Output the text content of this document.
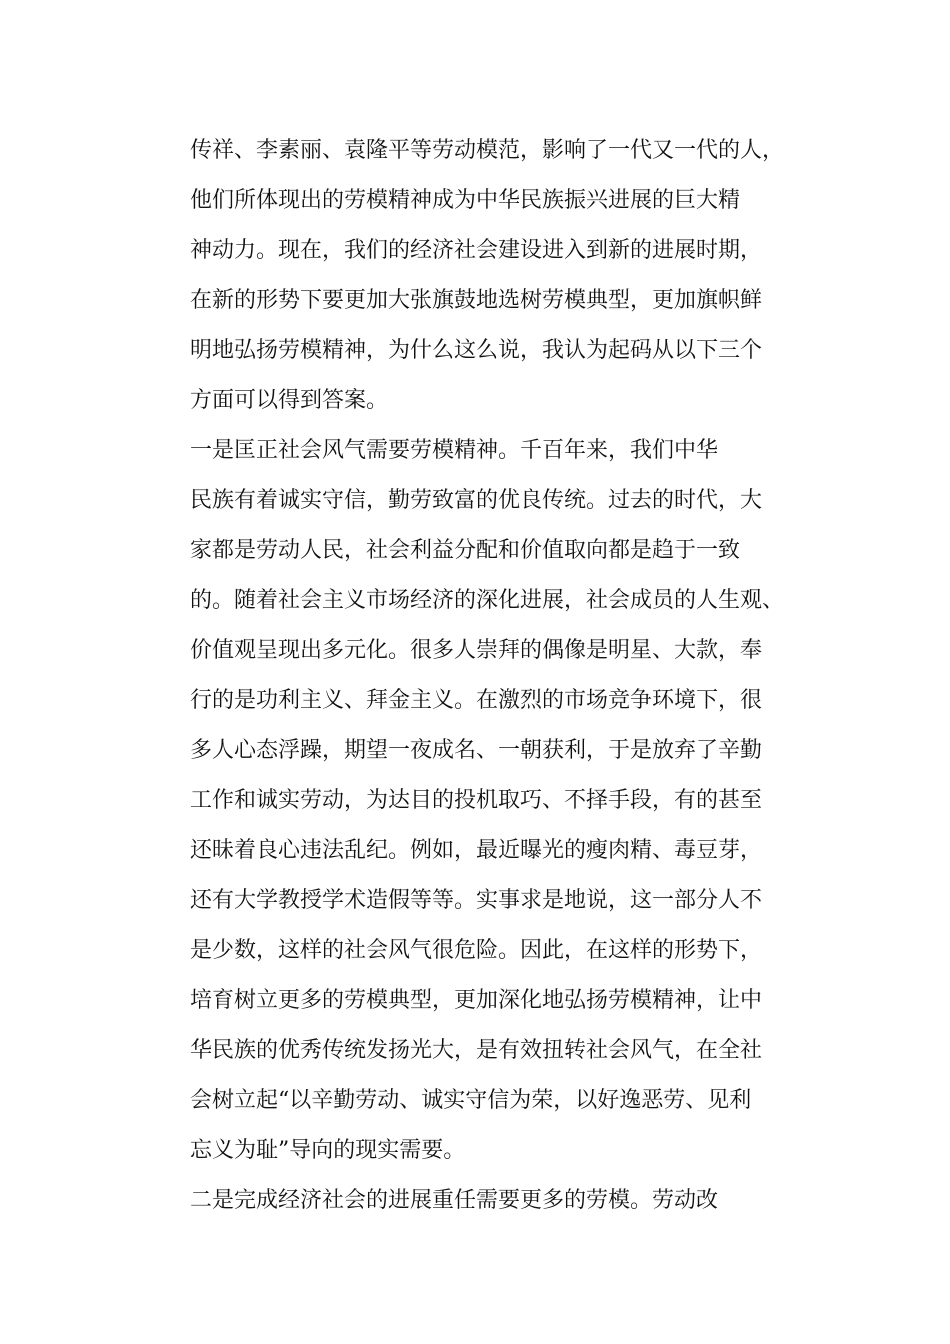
传祥、李素丽、袁隆平等劳动模范，影响了一代又一代的人，
他们所体现出的劳模精神成为中华民族振兴进展的巨大精
神动力。现在，我们的经济社会建设进入到新的进展时期，
在新的形势下要更加大张旗鼓地选树劳模典型，更加旗帜鲜
明地弘扬劳模精神，为什么这么说，我认为起码从以下三个
方面可以得到答案。
一是匡正社会风气需要劳模精神。千百年来，我们中华
民族有着诚实守信，勤劳致富的优良传统。过去的时代，大
家都是劳动人民，社会利益分配和价值取向都是趋于一致
的。随着社会主义市场经济的深化进展，社会成员的人生观、
价值观呈现出多元化。很多人崇拜的偶像是明星、大款，奉
行的是功利主义、拜金主义。在激烈的市场竞争环境下，很
多人心态浮躁，期望一夜成名、一朝获利，于是放弃了辛勤
工作和诚实劳动，为达目的投机取巧、不择手段，有的甚至
还昧着良心违法乱纪。例如，最近曝光的瘦肉精、毒豆芽，
还有大学教授学术造假等等。实事求是地说，这一部分人不
是少数，这样的社会风气很危险。因此，在这样的形势下，
培育树立更多的劳模典型，更加深化地弘扬劳模精神，让中
华民族的优秀传统发扬光大，是有效扭转社会风气，在全社
会树立起“以辛勤劳动、诚实守信为荣，以好逸恶劳、见利
忘义为耻”导向的现实需要。
二是完成经济社会的进展重任需要更多的劳模。劳动改
